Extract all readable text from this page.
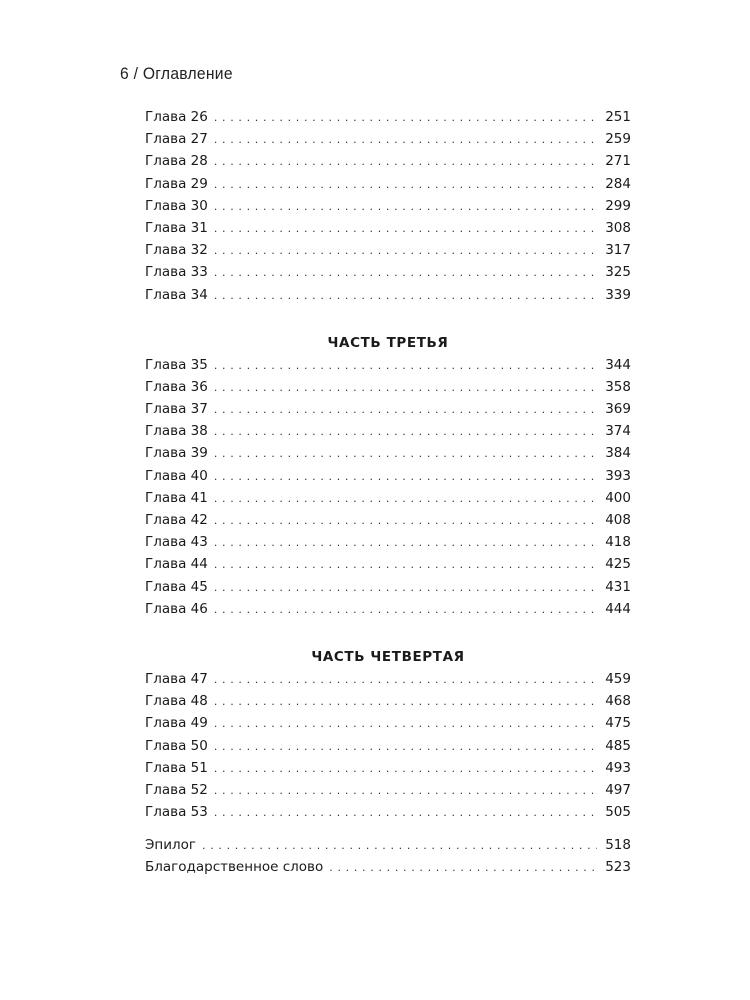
6 / Оглавление
Глава 26 . . .	251
Глава 27 . . .	259
Глава 28 . . .	271
Глава 29 . . .	284
Глава 30 . . .	299
Глава 31 . . .	308
Глава 32 . . .	317
Глава 33 . . .	325
Глава 34 . . .	339
ЧАСТЬ ТРЕТЬЯ
Глава 35 . . .	344
Глава 36 . . .	358
Глава 37 . . .	369
Глава 38 . . .	374
Глава 39 . . .	384
Глава 40 . . .	393
Глава 41 . . .	400
Глава 42 . . .	408
Глава 43 . . .	418
Глава 44 . . .	425
Глава 45 . . .	431
Глава 46 . . .	444
ЧАСТЬ ЧЕТВЕРТАЯ
Глава 47 . . .	459
Глава 48 . . .	468
Глава 49 . . .	475
Глава 50 . . .	485
Глава 51 . . .	493
Глава 52 . . .	497
Глава 53 . . .	505
Эпилог . . .	518
Благодарственное слово . . .	523
